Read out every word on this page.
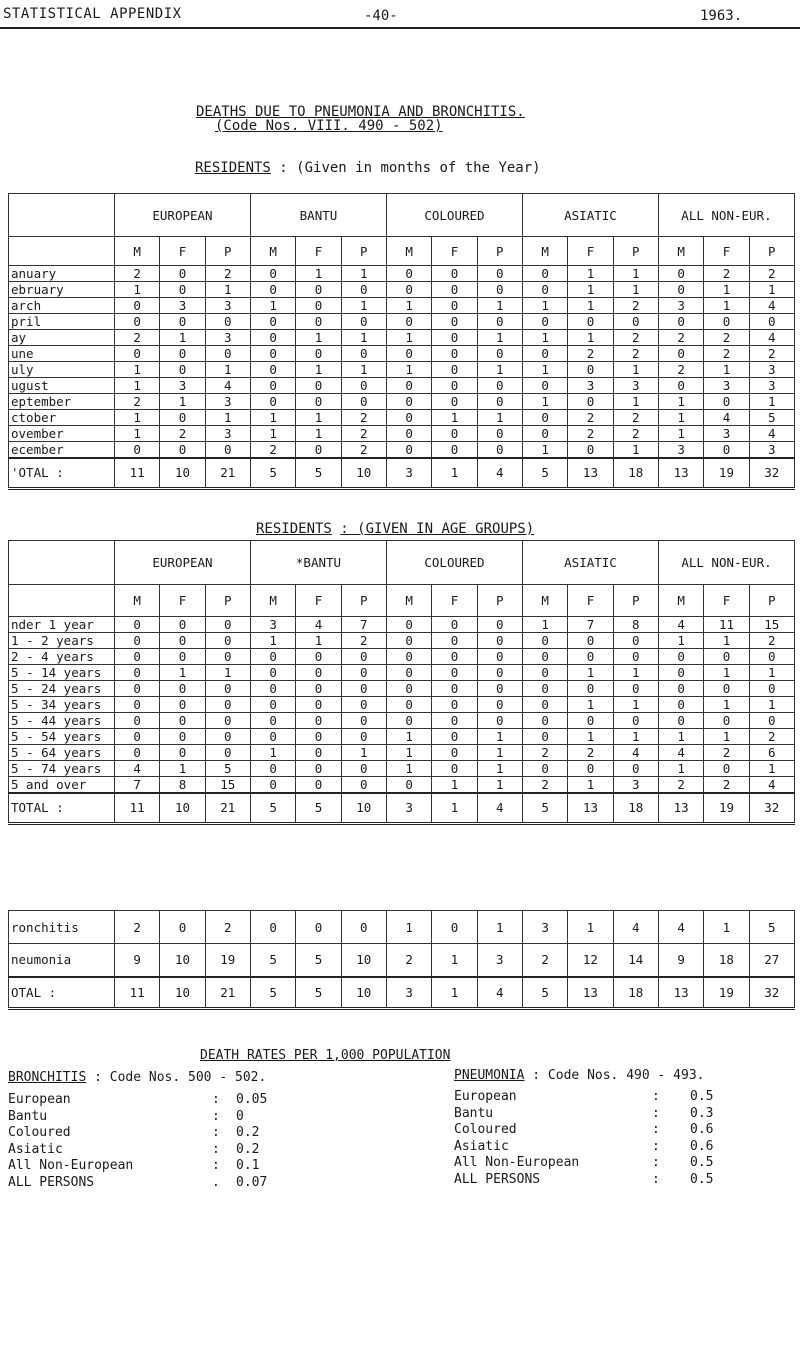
STATISTICAL APPENDIX	-40-	1963.
DEATHS DUE TO PNEUMONIA AND BRONCHITIS.
(Code Nos. VIII. 490 - 502)
RESIDENTS : (Given in months of the Year)
	EUROPEAN			BANTU			COLOURED			ASIATIC			ALL NON-EUR.		
	M	F	P	M	F	P	M	F	P	M	F	P	M	F	P
anuary	2	0	2	0	1	1	0	0	0	0	1	1	0	2	2
ebruary	1	0	1	0	0	0	0	0	0	0	1	1	0	1	1
arch	0	3	3	1	0	1	1	0	1	1	1	2	3	1	4
pril	0	0	0	0	0	0	0	0	0	0	0	0	0	0	0
ay	2	1	3	0	1	1	1	0	1	1	1	2	2	2	4
une	0	0	0	0	0	0	0	0	0	0	2	2	0	2	2
uly	1	0	1	0	1	1	1	0	1	1	0	1	2	1	3
ugust	1	3	4	0	0	0	0	0	0	0	3	3	0	3	3
eptember	2	1	3	0	0	0	0	0	0	1	0	1	1	0	1
ctober	1	0	1	1	1	2	0	1	1	0	2	2	1	4	5
ovember	1	2	3	1	1	2	0	0	0	0	2	2	1	3	4
ecember	0	0	0	2	0	2	0	0	0	1	0	1	3	0	3
'OTAL :	11	10	21	5	5	10	3	1	4	5	13	18	13	19	32
RESIDENTS : (GIVEN IN AGE GROUPS)
	EUROPEAN			*BANTU			COLOURED			ASIATIC			ALL NON-EUR.		
	M	F	P	M	F	P	M	F	P	M	F	P	M	F	P
nder 1 year	0	0	0	3	4	7	0	0	0	1	7	8	4	11	15
1 - 2 years	0	0	0	1	1	2	0	0	0	0	0	0	1	1	2
2 - 4 years	0	0	0	0	0	0	0	0	0	0	0	0	0	0	0
5 - 14 years	0	1	1	0	0	0	0	0	0	0	1	1	0	1	1
5 - 24 years	0	0	0	0	0	0	0	0	0	0	0	0	0	0	0
5 - 34 years	0	0	0	0	0	0	0	0	0	0	1	1	0	1	1
5 - 44 years	0	0	0	0	0	0	0	0	0	0	0	0	0	0	0
5 - 54 years	0	0	0	0	0	0	1	0	1	0	1	1	1	1	2
5 - 64 years	0	0	0	1	0	1	1	0	1	2	2	4	4	2	6
5 - 74 years	4	1	5	0	0	0	1	0	1	0	0	0	1	0	1
5 and over	7	8	15	0	0	0	0	1	1	2	1	3	2	2	4
TOTAL :	11	10	21	5	5	10	3	1	4	5	13	18	13	19	32
ronchitis	2	0	2	0	0	0	1	0	1	3	1	4	4	1	5
neumonia	9	10	19	5	5	10	2	1	3	2	12	14	9	18	27
OTAL :	11	10	21	5	5	10	3	1	4	5	13	18	13	19	32
DEATH RATES PER 1,000 POPULATION
BRONCHITIS : Code Nos. 500 - 502.
European	: 0.05
Bantu	: 0
Coloured	: 0.2
Asiatic	: 0.2
All Non-European	: 0.1
ALL PERSONS	. 0.07
PNEUMONIA : Code Nos. 490 - 493.
European	: 0.5
Bantu	: 0.3
Coloured	: 0.6
Asiatic	: 0.6
All Non-European	: 0.5
ALL PERSONS	: 0.5
